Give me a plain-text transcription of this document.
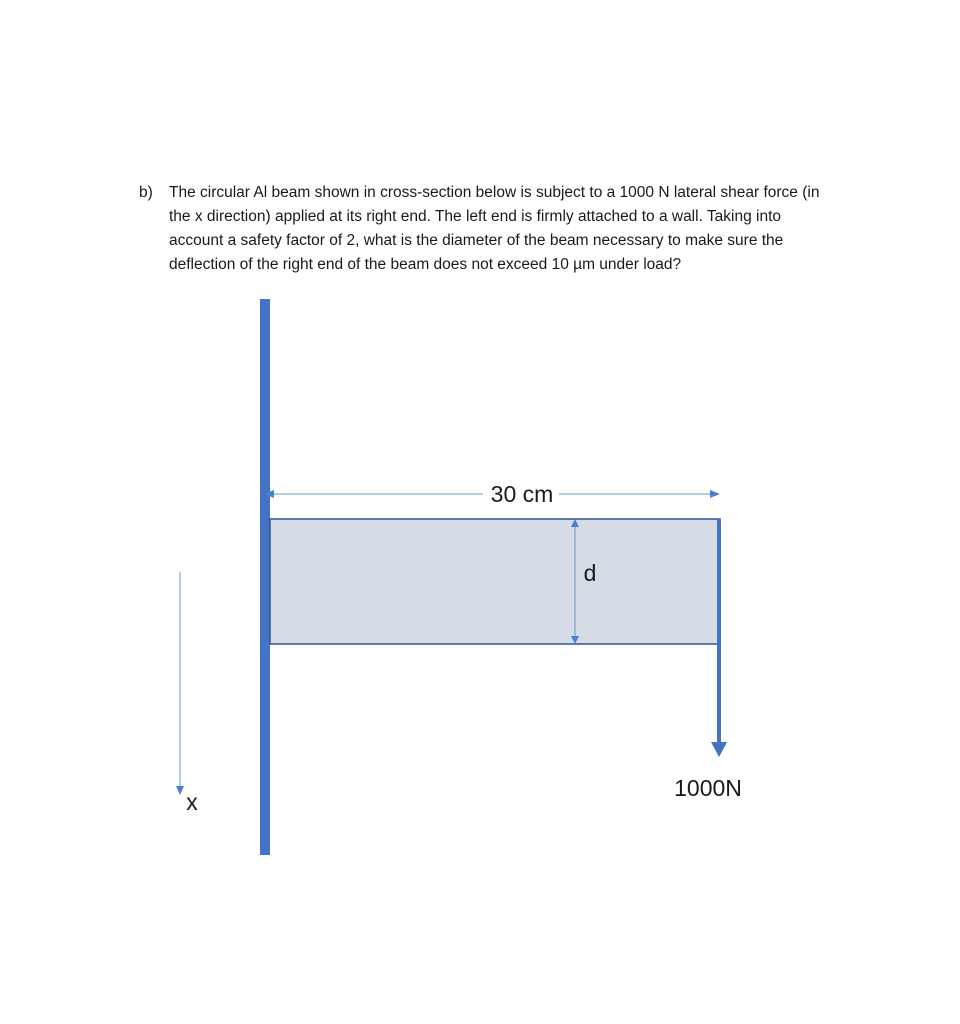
b)	The circular Al beam shown in cross-section below is subject to a 1000 N lateral shear force (in
the x direction) applied at its right end. The left end is firmly attached to a wall. Taking into
account a safety factor of 2, what is the diameter of the beam necessary to make sure the
deflection of the right end of the beam does not exceed 10 µm under load?
30 cm
d
1000N
x
